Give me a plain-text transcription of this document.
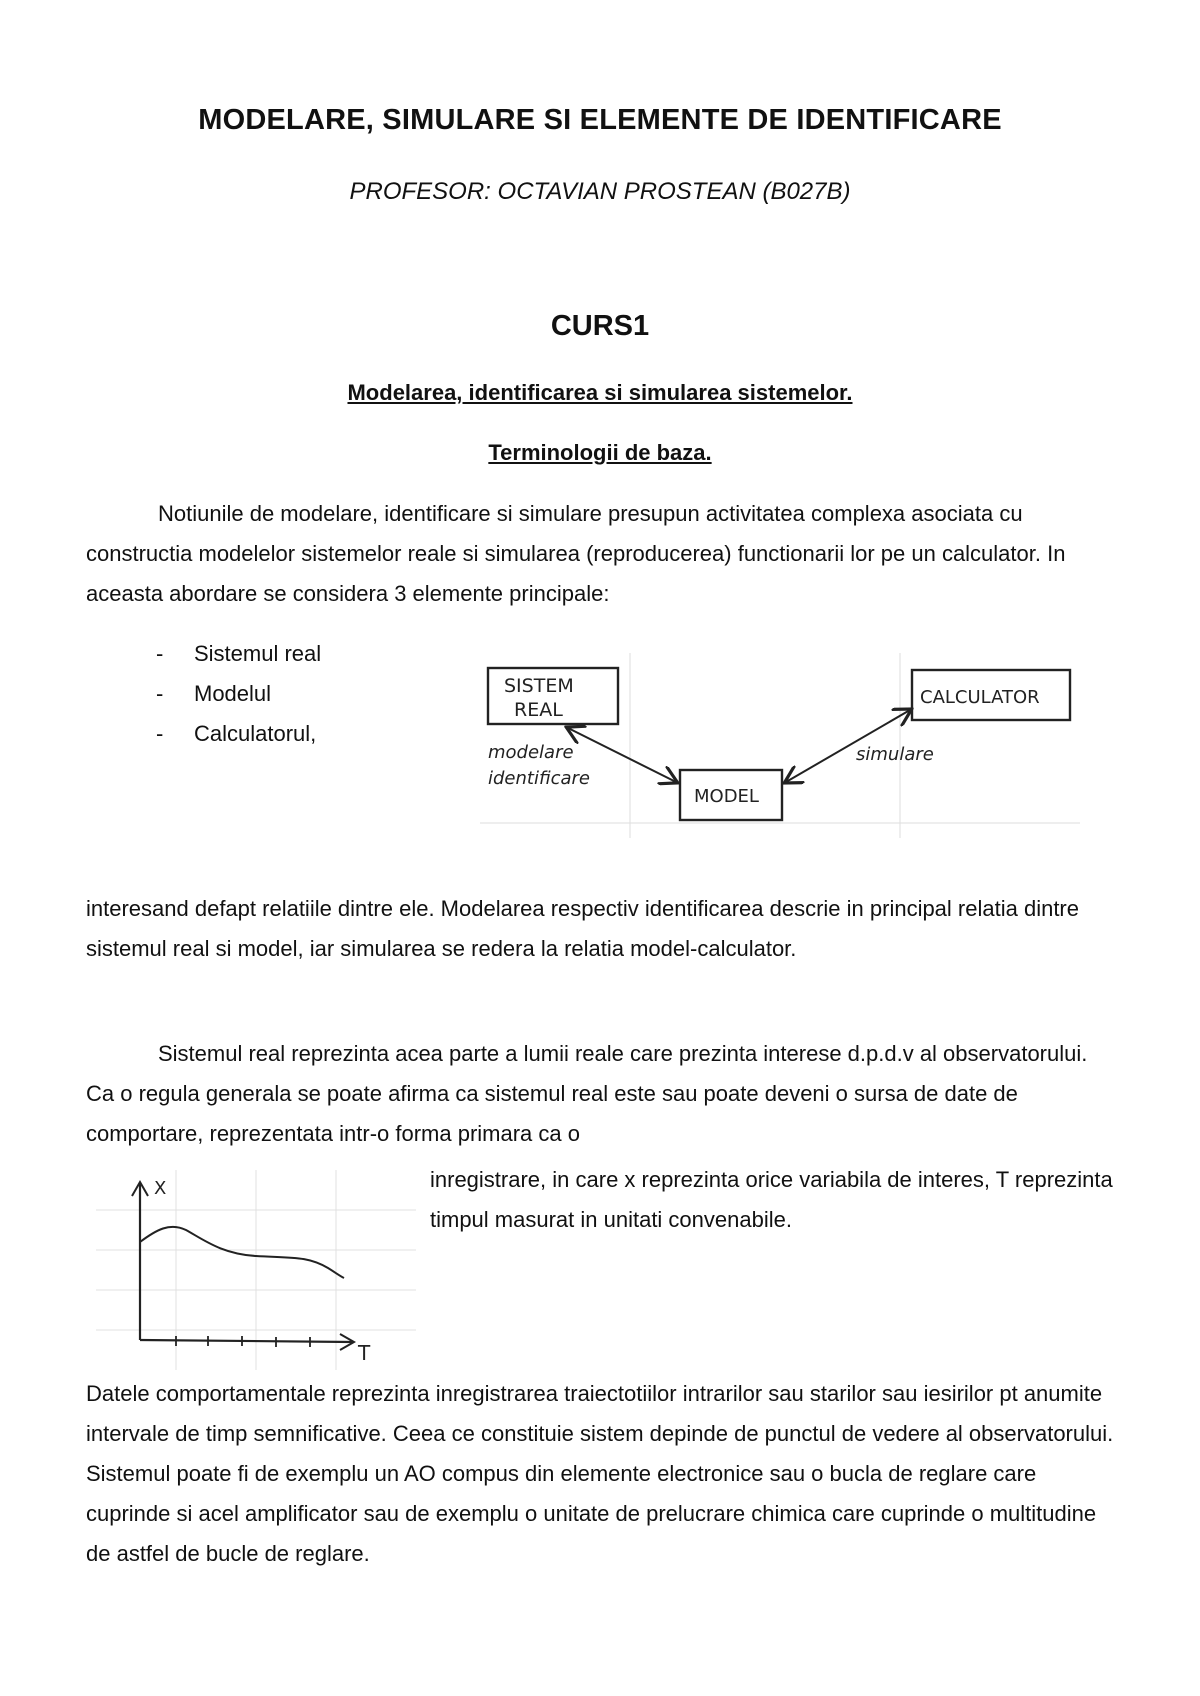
MODELARE, SIMULARE SI ELEMENTE DE IDENTIFICARE
PROFESOR: OCTAVIAN PROSTEAN (B027B)
CURS1
Modelarea, identificarea si simularea sistemelor.
Terminologii de baza.

Notiunile de modelare, identificare si simulare presupun activitatea complexa asociata cu constructia modelelor sistemelor reale si simularea (reproducerea) functionarii lor pe un calculator. In aceasta abordare se considera 3 elemente principale:

- Sistemul real
- Modelul
- Calculatorul,
SISTEM
REAL
CALCULATOR
MODEL
modelare
identificare
simulare

interesand defapt relatiile dintre ele. Modelarea respectiv identificarea descrie in principal relatia dintre sistemul real si model, iar simularea se redera la relatia model-calculator.

Sistemul real reprezinta acea parte a lumii reale care prezinta interese d.p.d.v al observatorului. Ca o regula generala se poate afirma ca sistemul real este sau poate deveni o sursa de date de comportare, reprezentata intr-o forma primara ca o

inregistrare, in care x reprezinta orice variabila de interes, T reprezinta timpul masurat in unitati convenabile.

X
T

Datele comportamentale reprezinta inregistrarea traiectotiilor intrarilor sau starilor sau iesirilor pt anumite intervale de timp semnificative. Ceea ce constituie sistem depinde de punctul de vedere al observatorului. Sistemul poate fi de exemplu un AO compus din elemente electronice sau o bucla de reglare care cuprinde si acel amplificator sau de exemplu o unitate de prelucrare chimica care cuprinde o multitudine de astfel de bucle de reglare.
